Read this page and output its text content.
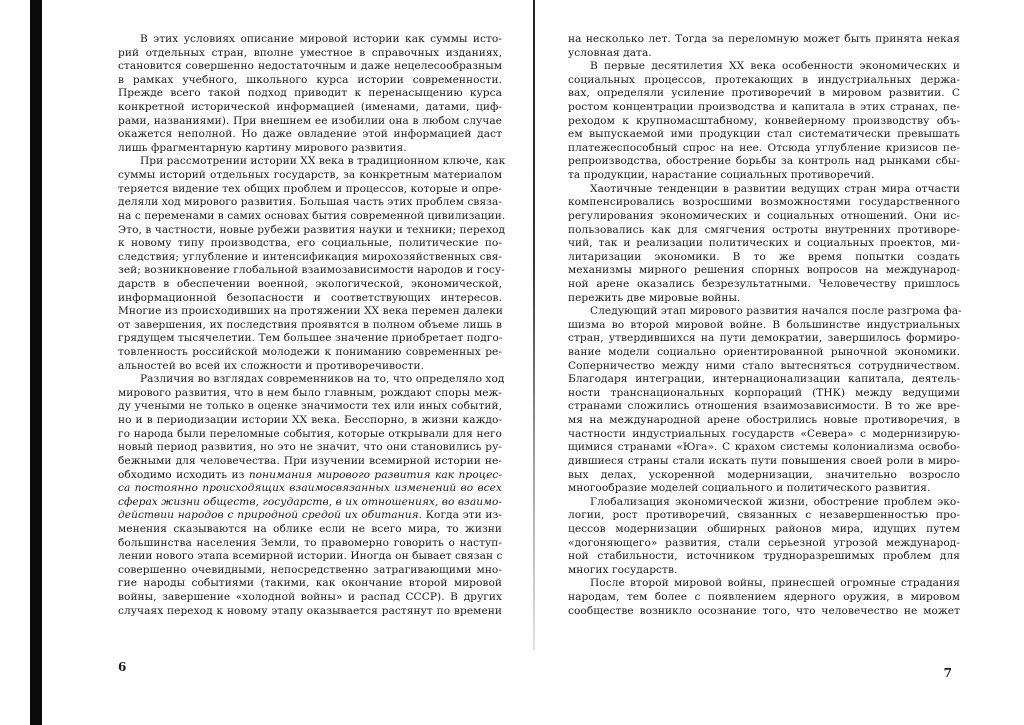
В этих условиях описание мировой истории как суммы исто-
рий отдельных стран, вполне уместное в справочных изданиях,
становится совершенно недостаточным и даже нецелесообразным
в рамках учебного, школьного курса истории современности.
Прежде всего такой подход приводит к перенасыщению курса
конкретной исторической информацией (именами, датами, циф-
рами, названиями). При внешнем ее изобилии она в любом случае
окажется неполной. Но даже овладение этой информацией даст
лишь фрагментарную картину мирового развития.
При рассмотрении истории XX века в традиционном ключе, как
суммы историй отдельных государств, за конкретным материалом
теряется видение тех общих проблем и процессов, которые и опре-
деляли ход мирового развития. Большая часть этих проблем связа-
на с переменами в самих основах бытия современной цивилизации.
Это, в частности, новые рубежи развития науки и техники; переход
к новому типу производства, его социальные, политические по-
следствия; углубление и интенсификация мирохозяйственных свя-
зей; возникновение глобальной взаимозависимости народов и госу-
дарств в обеспечении военной, экологической, экономической,
информационной безопасности и соответствующих интересов.
Многие из происходивших на протяжении XX века перемен далеки
от завершения, их последствия проявятся в полном объеме лишь в
грядущем тысячелетии. Тем большее значение приобретает подго-
товленность российской молодежи к пониманию современных ре-
альностей во всей их сложности и противоречивости.
Различия во взглядах современников на то, что определяло ход
мирового развития, что в нем было главным, рождают споры меж-
ду учеными не только в оценке значимости тех или иных событий,
но и в периодизации истории XX века. Бесспорно, в жизни каждо-
го народа были переломные события, которые открывали для него
новый период развития, но это не значит, что они становились ру-
бежными для человечества. При изучении всемирной истории не-
обходимо исходить из понимания мирового развития как процес-
са постоянно происходящих взаимосвязанных изменений во всех
сферах жизни обществ, государств, в их отношениях, во взаимо-
действии народов с природной средой их обитания. Когда эти из-
менения сказываются на облике если не всего мира, то жизни
большинства населения Земли, то правомерно говорить о наступ-
лении нового этапа всемирной истории. Иногда он бывает связан с
совершенно очевидными, непосредственно затрагивающими мно-
гие народы событиями (такими, как окончание второй мировой
войны, завершение «холодной войны» и распад СССР). В других
случаях переход к новому этапу оказывается растянут по времени
6
на несколько лет. Тогда за переломную может быть принята некая
условная дата.
В первые десятилетия XX века особенности экономических и
социальных процессов, протекающих в индустриальных держа-
вах, определяли усиление противоречий в мировом развитии. С
ростом концентрации производства и капитала в этих странах, пе-
реходом к крупномасштабному, конвейерному производству объ-
ем выпускаемой ими продукции стал систематически превышать
платежеспособный спрос на нее. Отсюда углубление кризисов пе-
репроизводства, обострение борьбы за контроль над рынками сбы-
та продукции, нарастание социальных противоречий.
Хаотичные тенденции в развитии ведущих стран мира отчасти
компенсировались возросшими возможностями государственного
регулирования экономических и социальных отношений. Они ис-
пользовались как для смягчения остроты внутренних противоре-
чий, так и реализации политических и социальных проектов, ми-
литаризации экономики. В то же время попытки создать
механизмы мирного решения спорных вопросов на международ-
ной арене оказались безрезультатными. Человечеству пришлось
пережить две мировые войны.
Следующий этап мирового развития начался после разгрома фа-
шизма во второй мировой войне. В большинстве индустриальных
стран, утвердившихся на пути демократии, завершилось формиро-
вание модели социально ориентированной рыночной экономики.
Соперничество между ними стало вытесняться сотрудничеством.
Благодаря интеграции, интернационализации капитала, деятель-
ности транснациональных корпораций (ТНК) между ведущими
странами сложились отношения взаимозависимости. В то же вре-
мя на международной арене обострились новые противоречия, в
частности индустриальных государств «Севера» с модернизирую-
щимися странами «Юга». С крахом системы колониализма освобо-
дившиеся страны стали искать пути повышения своей роли в миро-
вых делах, ускоренной модернизации, значительно возросло
многообразие моделей социального и политического развития.
Глобализация экономической жизни, обострение проблем эко-
логии, рост противоречий, связанных с незавершенностью про-
цессов модернизации обширных районов мира, идущих путем
«догоняющего» развития, стали серьезной угрозой международ-
ной стабильности, источником трудноразрешимых проблем для
многих государств.
После второй мировой войны, принесшей огромные страдания
народам, тем более с появлением ядерного оружия, в мировом
сообществе возникло осознание того, что человечество не может
7
